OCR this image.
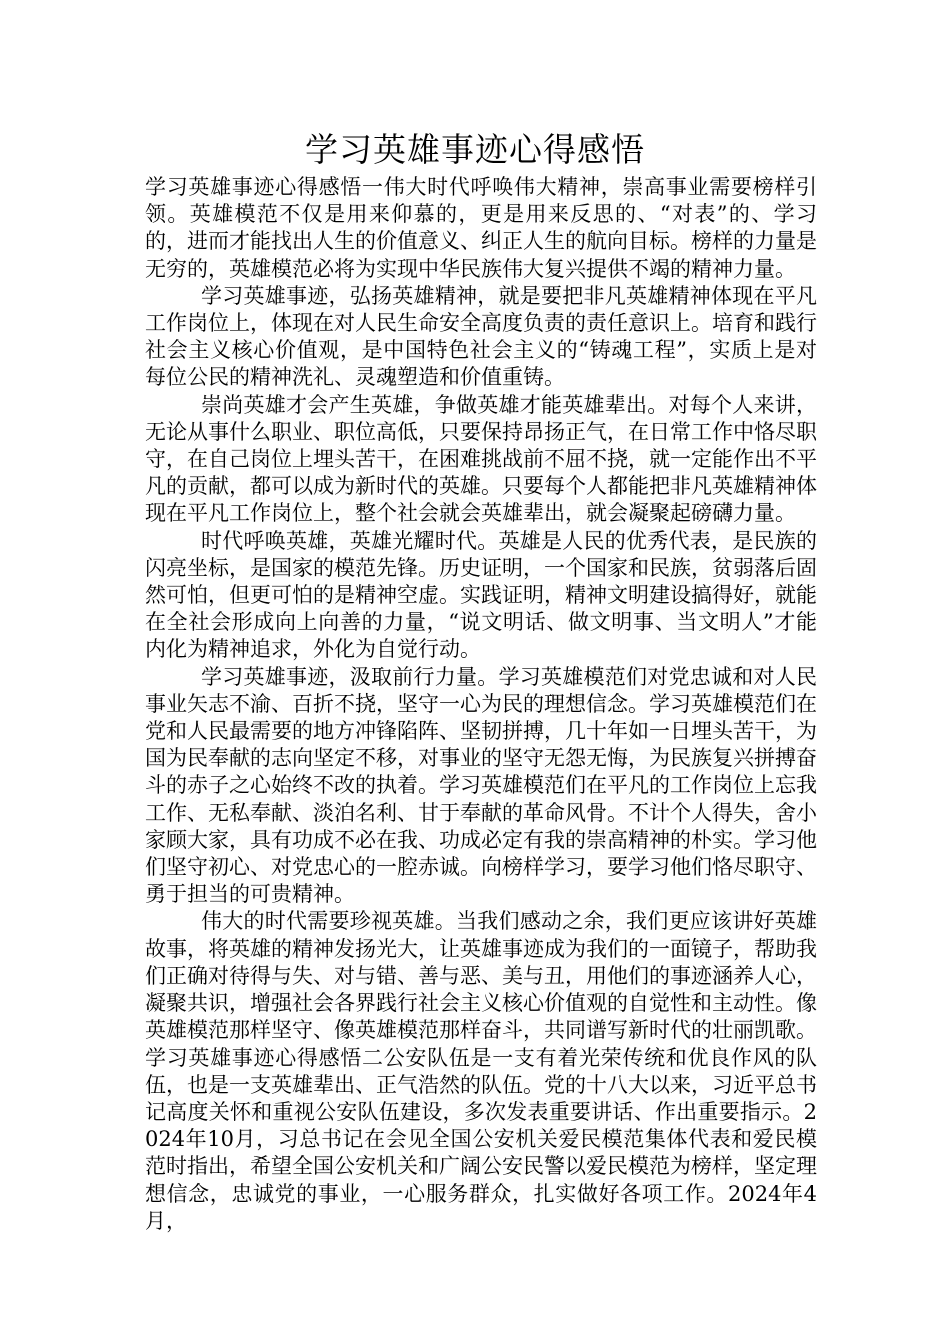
学习英雄事迹心得感悟

学习英雄事迹心得感悟一伟大时代呼唤伟大精神，崇高事业需要榜样引领。英雄模范不仅是用来仰慕的，更是用来反思的、“对表”的、学习的，进而才能找出人生的价值意义、纠正人生的航向目标。榜样的力量是无穷的，英雄模范必将为实现中华民族伟大复兴提供不竭的精神力量。

学习英雄事迹，弘扬英雄精神，就是要把非凡英雄精神体现在平凡工作岗位上，体现在对人民生命安全高度负责的责任意识上。培育和践行社会主义核心价值观，是中国特色社会主义的“铸魂工程”，实质上是对每位公民的精神洗礼、灵魂塑造和价值重铸。

崇尚英雄才会产生英雄，争做英雄才能英雄辈出。对每个人来讲，无论从事什么职业、职位高低，只要保持昂扬正气，在日常工作中恪尽职守，在自己岗位上埋头苦干，在困难挑战前不屈不挠，就一定能作出不平凡的贡献，都可以成为新时代的英雄。只要每个人都能把非凡英雄精神体现在平凡工作岗位上，整个社会就会英雄辈出，就会凝聚起磅礴力量。

时代呼唤英雄，英雄光耀时代。英雄是人民的优秀代表，是民族的闪亮坐标，是国家的模范先锋。历史证明，一个国家和民族，贫弱落后固然可怕，但更可怕的是精神空虚。实践证明，精神文明建设搞得好，就能在全社会形成向上向善的力量，“说文明话、做文明事、当文明人”才能内化为精神追求，外化为自觉行动。

学习英雄事迹，汲取前行力量。学习英雄模范们对党忠诚和对人民事业矢志不渝、百折不挠，坚守一心为民的理想信念。学习英雄模范们在党和人民最需要的地方冲锋陷阵、坚韧拼搏，几十年如一日埋头苦干，为国为民奉献的志向坚定不移，对事业的坚守无怨无悔，为民族复兴拼搏奋斗的赤子之心始终不改的执着。学习英雄模范们在平凡的工作岗位上忘我工作、无私奉献、淡泊名利、甘于奉献的革命风骨。不计个人得失，舍小家顾大家，具有功成不必在我、功成必定有我的崇高精神的朴实。学习他们坚守初心、对党忠心的一腔赤诚。向榜样学习，要学习他们恪尽职守、勇于担当的可贵精神。

伟大的时代需要珍视英雄。当我们感动之余，我们更应该讲好英雄故事，将英雄的精神发扬光大，让英雄事迹成为我们的一面镜子，帮助我们正确对待得与失、对与错、善与恶、美与丑，用他们的事迹涵养人心，凝聚共识，增强社会各界践行社会主义核心价值观的自觉性和主动性。像英雄模范那样坚守、像英雄模范那样奋斗，共同谱写新时代的壮丽凯歌。学习英雄事迹心得感悟二公安队伍是一支有着光荣传统和优良作风的队伍，也是一支英雄辈出、正气浩然的队伍。党的十八大以来，习近平总书记高度关怀和重视公安队伍建设，多次发表重要讲话、作出重要指示。2024年10月，习总书记在会见全国公安机关爱民模范集体代表和爱民模范时指出，希望全国公安机关和广阔公安民警以爱民模范为榜样，坚定理想信念，忠诚党的事业，一心服务群众，扎实做好各项工作。2024年4月，
